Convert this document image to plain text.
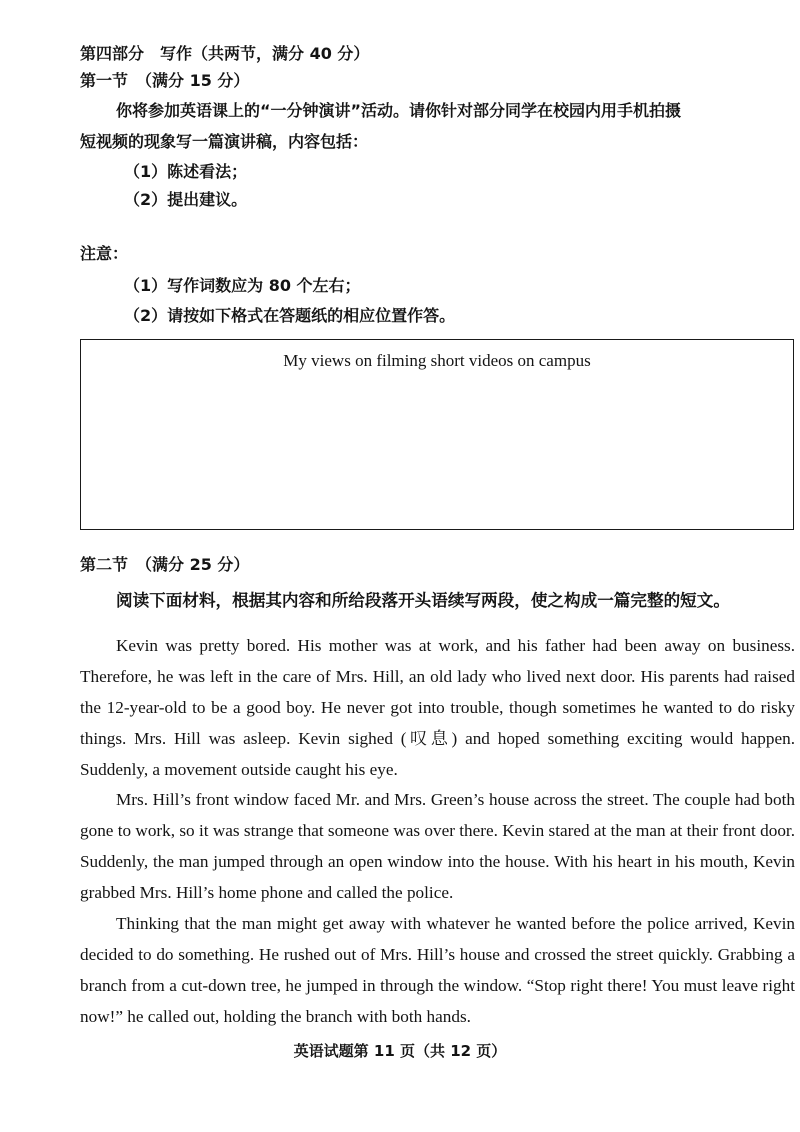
第四部分　写作（共两节，满分 40 分）
第一节　（满分 15 分）
你将参加英语课上的“一分钟演讲”活动。请你针对部分同学在校园内用手机拍摄
短视频的现象写一篇演讲稿，内容包括：
（1）陈述看法；
（2）提出建议。
注意：
（1）写作词数应为 80 个左右；
（2）请按如下格式在答题纸的相应位置作答。
My views on filming short videos on campus
第二节　（满分 25 分）
阅读下面材料，根据其内容和所给段落开头语续写两段，使之构成一篇完整的短文。

Kevin was pretty bored. His mother was at work, and his father had been away on business. Therefore, he was left in the care of Mrs. Hill, an old lady who lived next door. His parents had raised the 12-year-old to be a good boy. He never got into trouble, though sometimes he wanted to do risky things. Mrs. Hill was asleep. Kevin sighed (叹息) and hoped something exciting would happen. Suddenly, a movement outside caught his eye.

Mrs. Hill’s front window faced Mr. and Mrs. Green’s house across the street. The couple had both gone to work, so it was strange that someone was over there. Kevin stared at the man at their front door. Suddenly, the man jumped through an open window into the house. With his heart in his mouth, Kevin grabbed Mrs. Hill’s home phone and called the police.

Thinking that the man might get away with whatever he wanted before the police arrived, Kevin decided to do something. He rushed out of Mrs. Hill’s house and crossed the street quickly. Grabbing a branch from a cut-down tree, he jumped in through the window. “Stop right there! You must leave right now!” he called out, holding the branch with both hands.

英语试题第 11 页（共 12 页）
